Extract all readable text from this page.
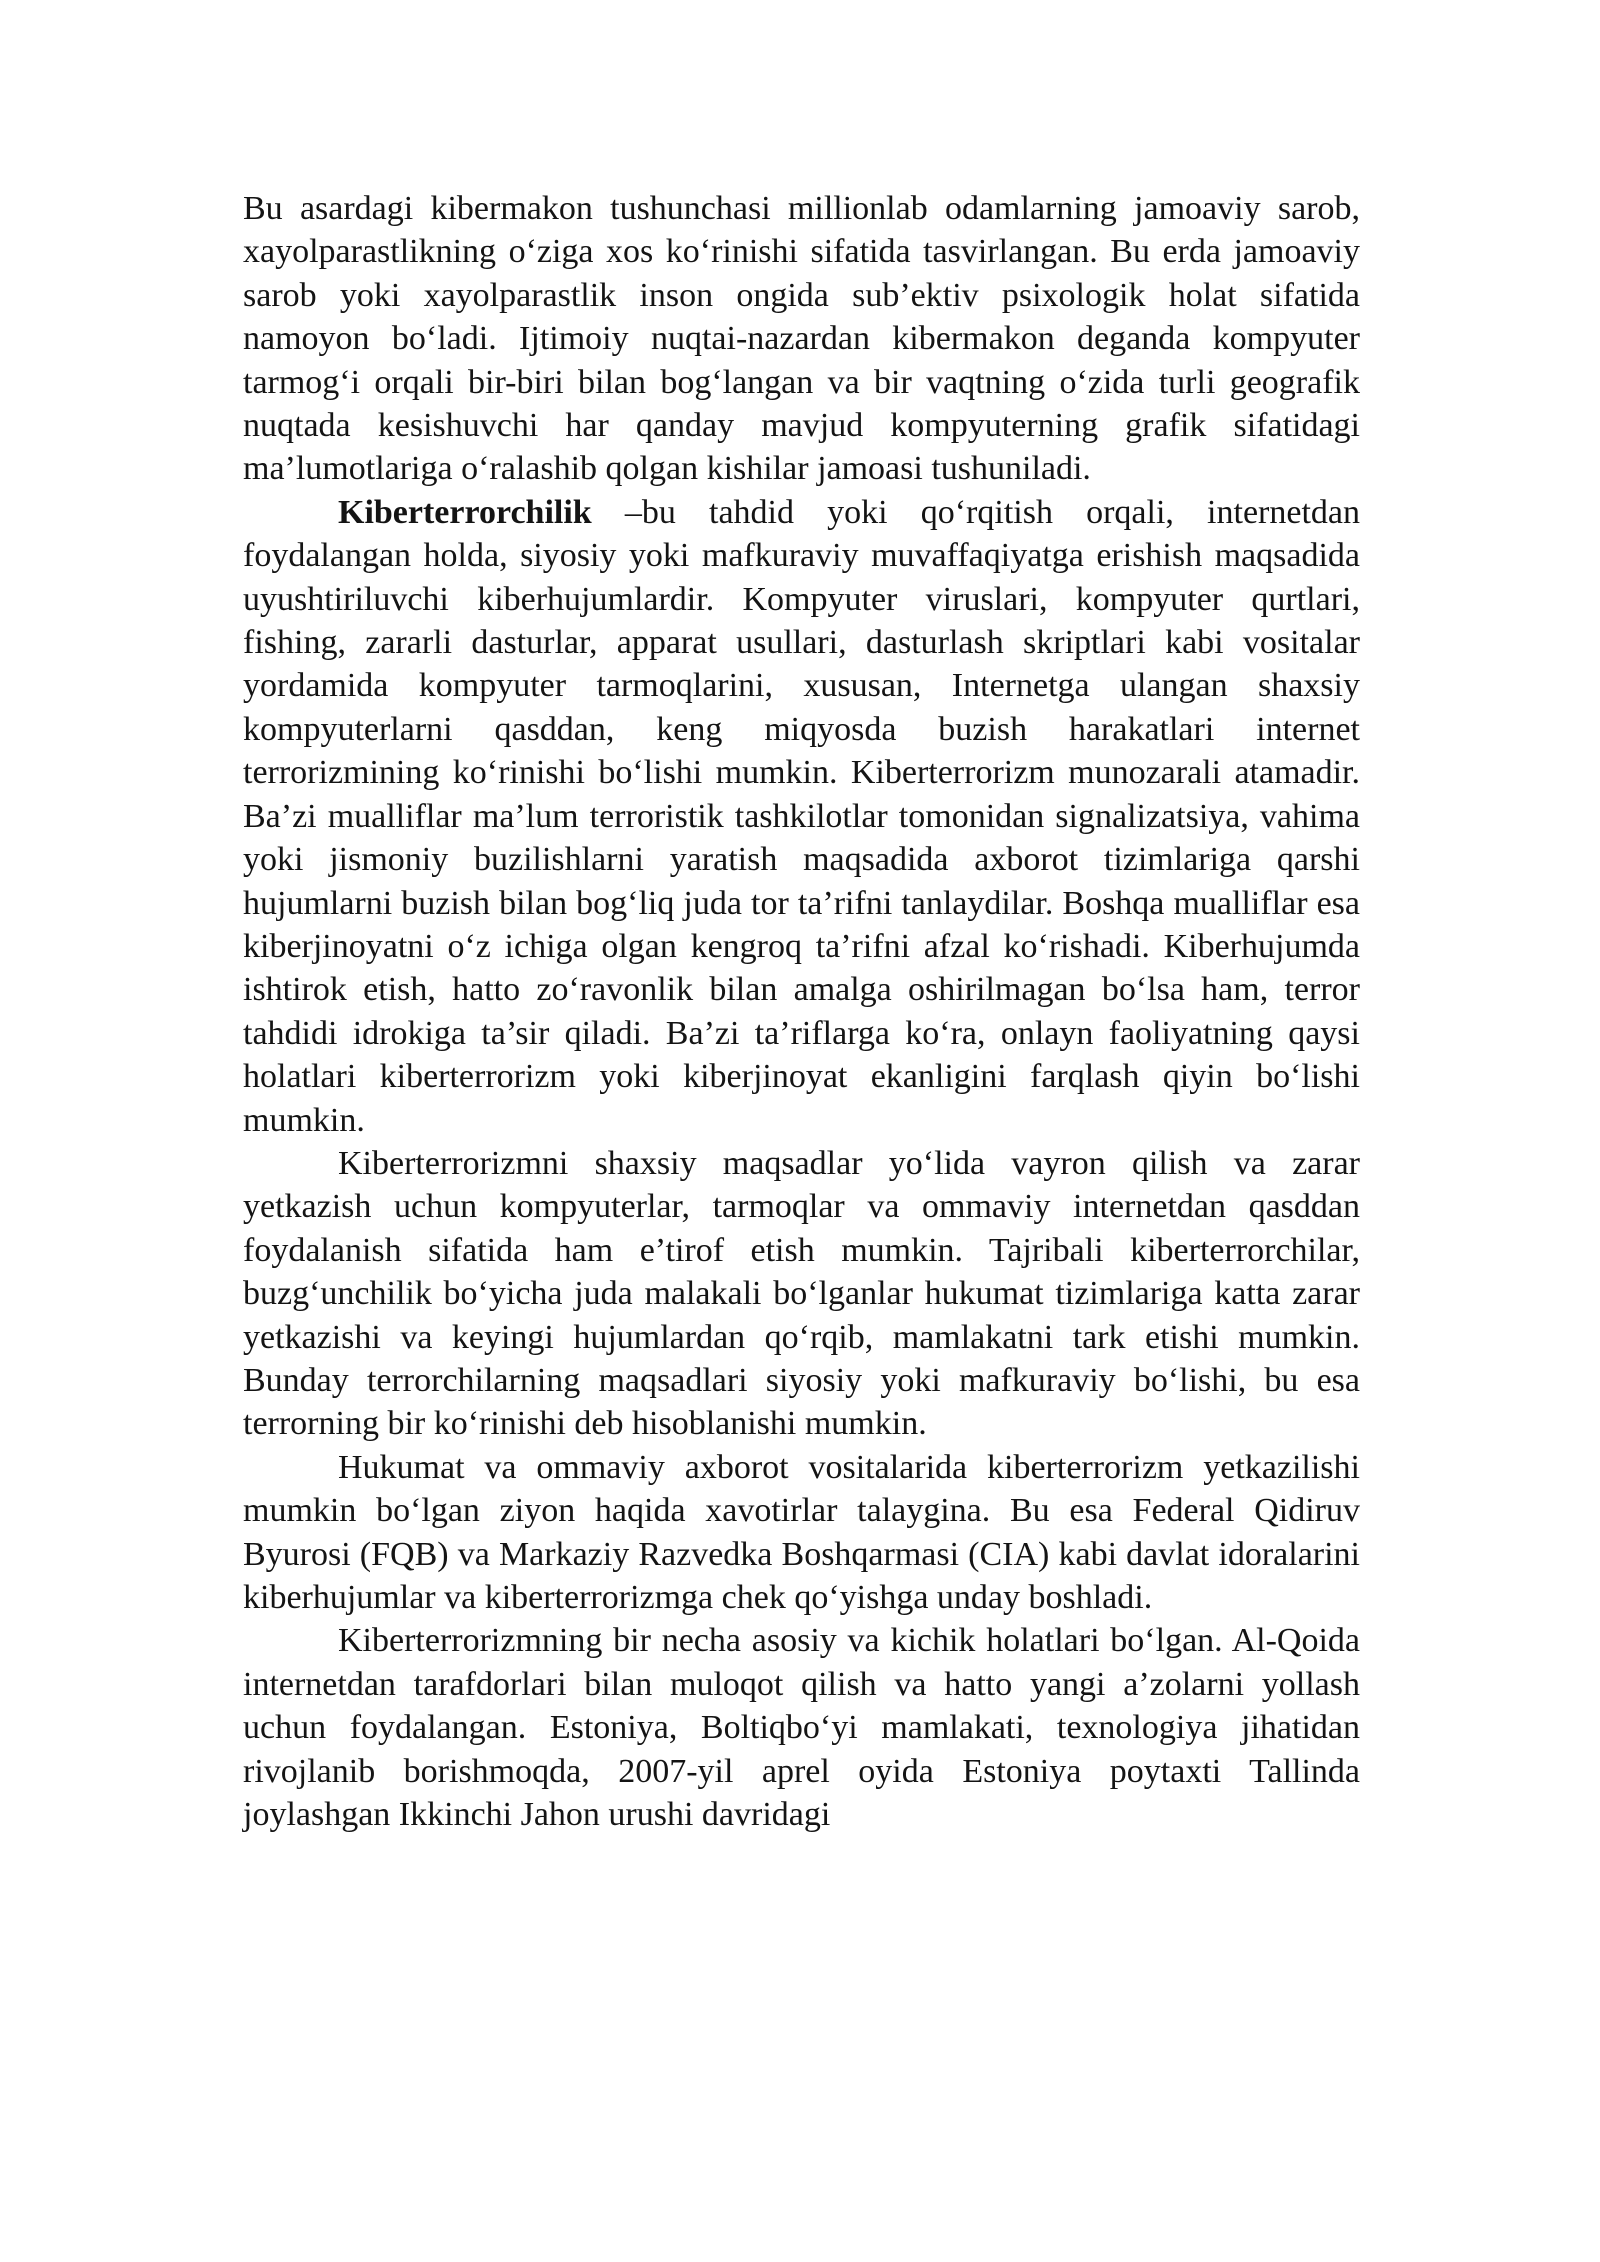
Bu asardagi kibermakon tushunchasi millionlab odamlarning jamoaviy sarob, xayolparastlikning o‘ziga xos ko‘rinishi sifatida tasvirlangan. Bu erda jamoaviy sarob yoki xayolparastlik inson ongida sub’ektiv psixologik holat sifatida namoyon bo‘ladi. Ijtimoiy nuqtai-nazardan kibermakon deganda kompyuter tarmog‘i orqali bir-biri bilan bog‘langan va bir vaqtning o‘zida turli geografik nuqtada kesishuvchi har qanday mavjud kompyuterning grafik sifatidagi ma’lumotlariga o‘ralashib qolgan kishilar jamoasi tushuniladi.

Kiberterrorchilik –bu tahdid yoki qo‘rqitish orqali, internetdan foydalangan holda, siyosiy yoki mafkuraviy muvaffaqiyatga erishish maqsadida uyushtiriluvchi kiberhujumlardir. Kompyuter viruslari, kompyuter qurtlari, fishing, zararli dasturlar, apparat usullari, dasturlash skriptlari kabi vositalar yordamida kompyuter tarmoqlarini, xususan, Internetga ulangan shaxsiy kompyuterlarni qasddan, keng miqyosda buzish harakatlari internet terrorizmining ko‘rinishi bo‘lishi mumkin. Kiberterrorizm munozarali atamadir. Ba’zi mualliflar ma’lum terroristik tashkilotlar tomonidan signalizatsiya, vahima yoki jismoniy buzilishlarni yaratish maqsadida axborot tizimlariga qarshi hujumlarni buzish bilan bog‘liq juda tor ta’rifni tanlaydilar. Boshqa mualliflar esa kiberjinoyatni o‘z ichiga olgan kengroq ta’rifni afzal ko‘rishadi. Kiberhujumda ishtirok etish, hatto zo‘ravonlik bilan amalga oshirilmagan bo‘lsa ham, terror tahdidi idrokiga ta’sir qiladi. Ba’zi ta’riflarga ko‘ra, onlayn faoliyatning qaysi holatlari kiberterrorizm yoki kiberjinoyat ekanligini farqlash qiyin bo‘lishi mumkin.

Kiberterrorizmni shaxsiy maqsadlar yo‘lida vayron qilish va zarar yetkazish uchun kompyuterlar, tarmoqlar va ommaviy internetdan qasddan foydalanish sifatida ham e’tirof etish mumkin. Tajribali kiberterrorchilar, buzg‘unchilik bo‘yicha juda malakali bo‘lganlar hukumat tizimlariga katta zarar yetkazishi va keyingi hujumlardan qo‘rqib, mamlakatni tark etishi mumkin. Bunday terrorchilarning maqsadlari siyosiy yoki mafkuraviy bo‘lishi, bu esa terrorning bir ko‘rinishi deb hisoblanishi mumkin.

Hukumat va ommaviy axborot vositalarida kiberterrorizm yetkazilishi mumkin bo‘lgan ziyon haqida xavotirlar talaygina. Bu esa Federal Qidiruv Byurosi (FQB) va Markaziy Razvedka Boshqarmasi (CIA) kabi davlat idoralarini kiberhujumlar va kiberterrorizmga chek qo‘yishga unday boshladi.

Kiberterrorizmning bir necha asosiy va kichik holatlari bo‘lgan. Al-Qoida internetdan tarafdorlari bilan muloqot qilish va hatto yangi a’zolarni yollash uchun foydalangan. Estoniya, Boltiqbo‘yi mamlakati, texnologiya jihatidan rivojlanib borishmoqda, 2007-yil aprel oyida Estoniya poytaxti Tallinda joylashgan Ikkinchi Jahon urushi davridagi
